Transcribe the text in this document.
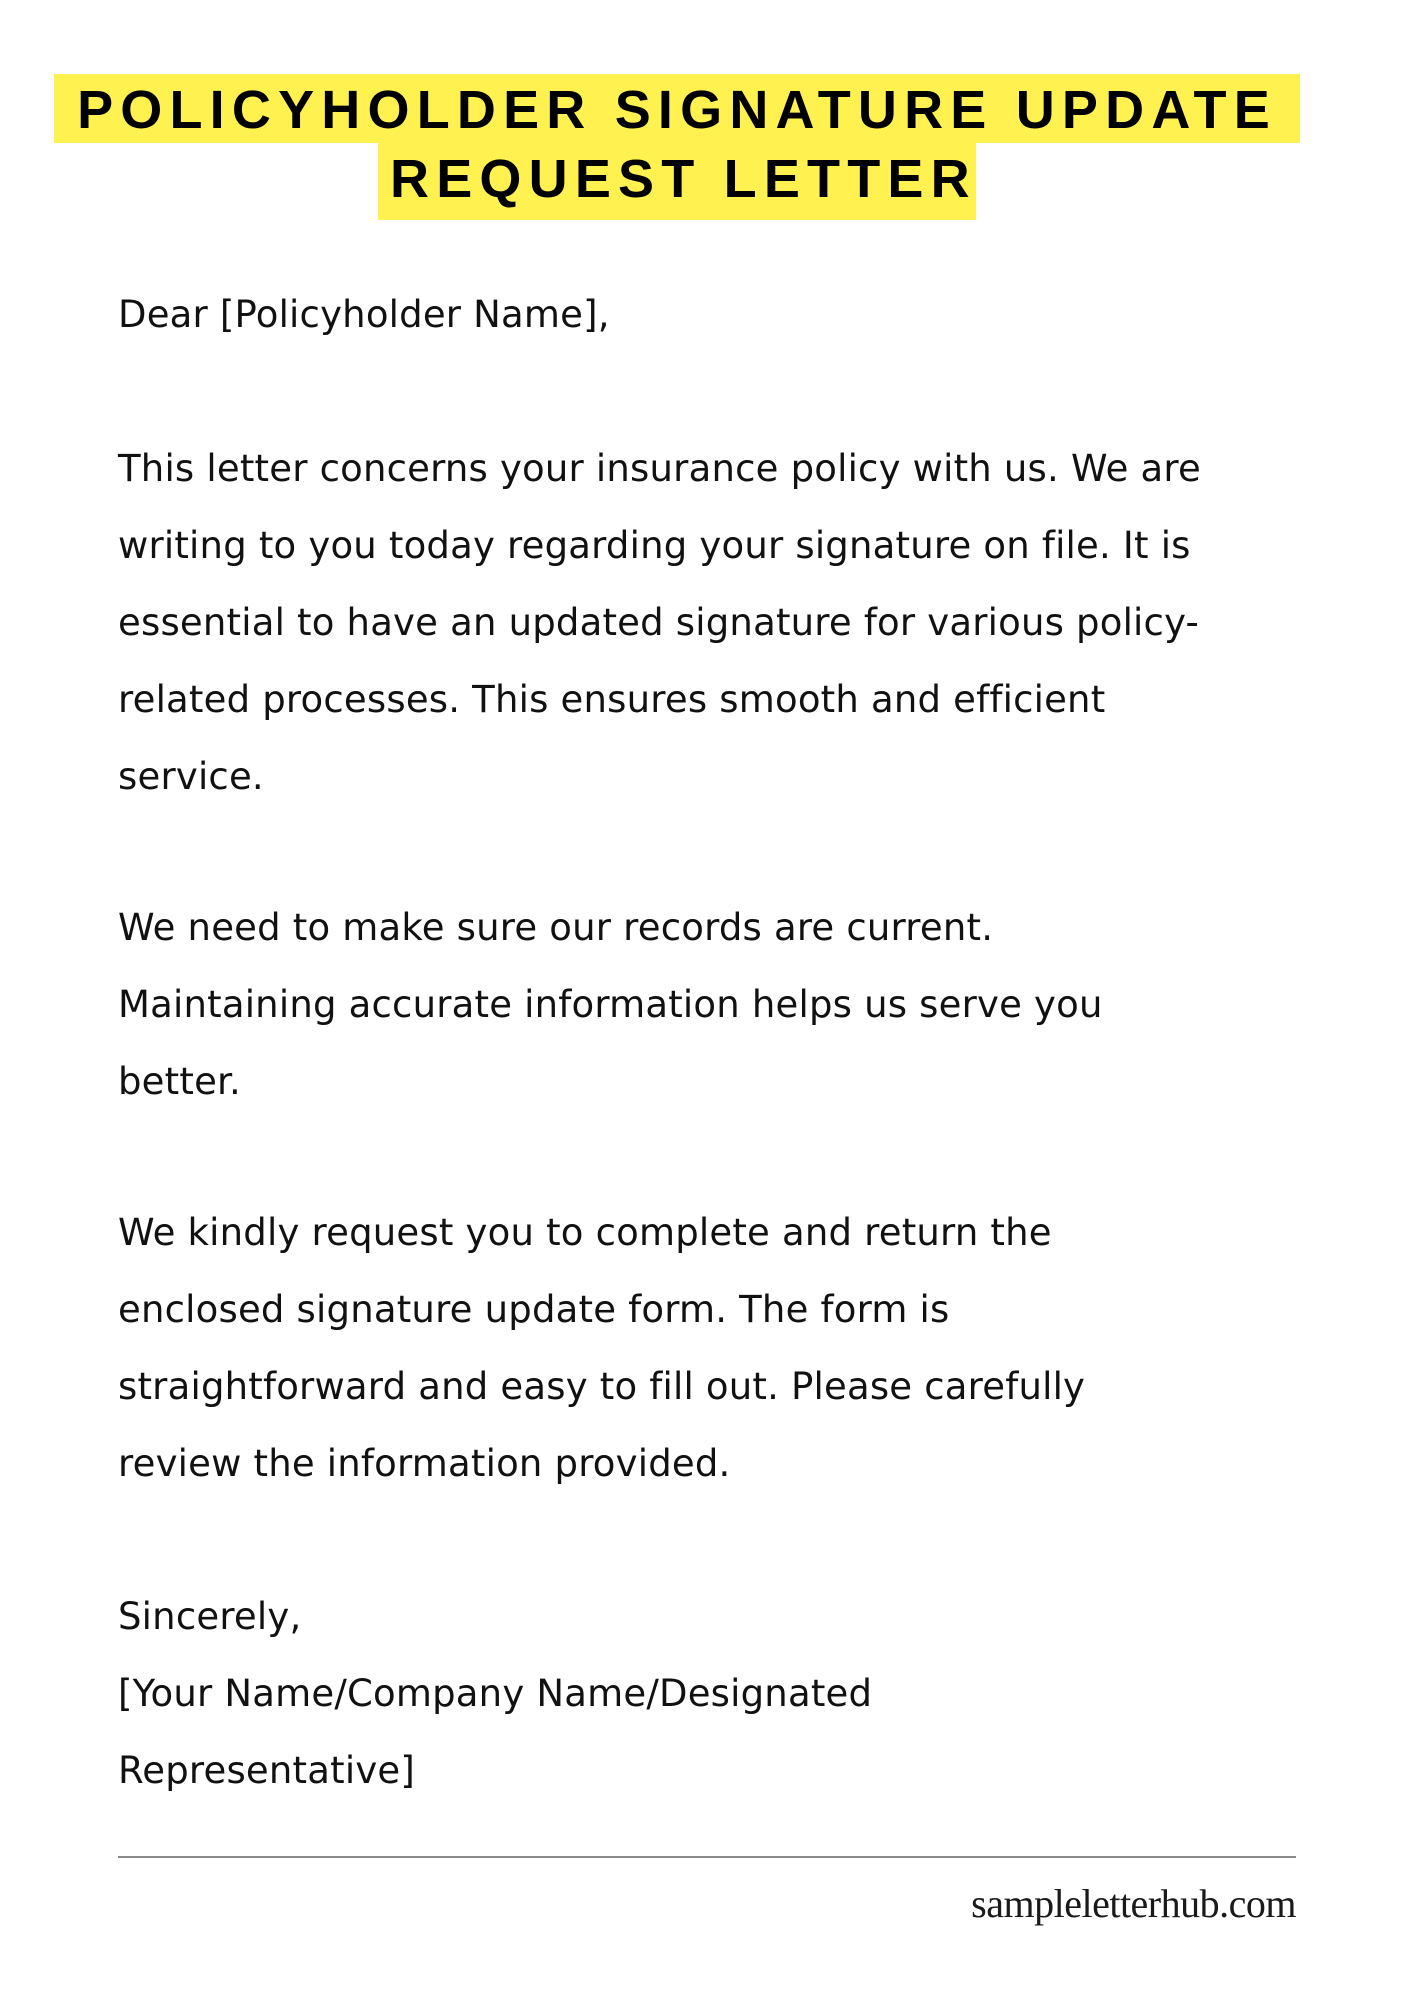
POLICYHOLDER SIGNATURE UPDATE
REQUEST LETTER

Dear [Policyholder Name],

This letter concerns your insurance policy with us. We are

writing to you today regarding your signature on file. It is

essential to have an updated signature for various policy-

related processes. This ensures smooth and efficient

service.

We need to make sure our records are current.

Maintaining accurate information helps us serve you

better.

We kindly request you to complete and return the

enclosed signature update form. The form is

straightforward and easy to fill out. Please carefully

review the information provided.

Sincerely,

[Your Name/Company Name/Designated

Representative]

sampleletterhub.com
